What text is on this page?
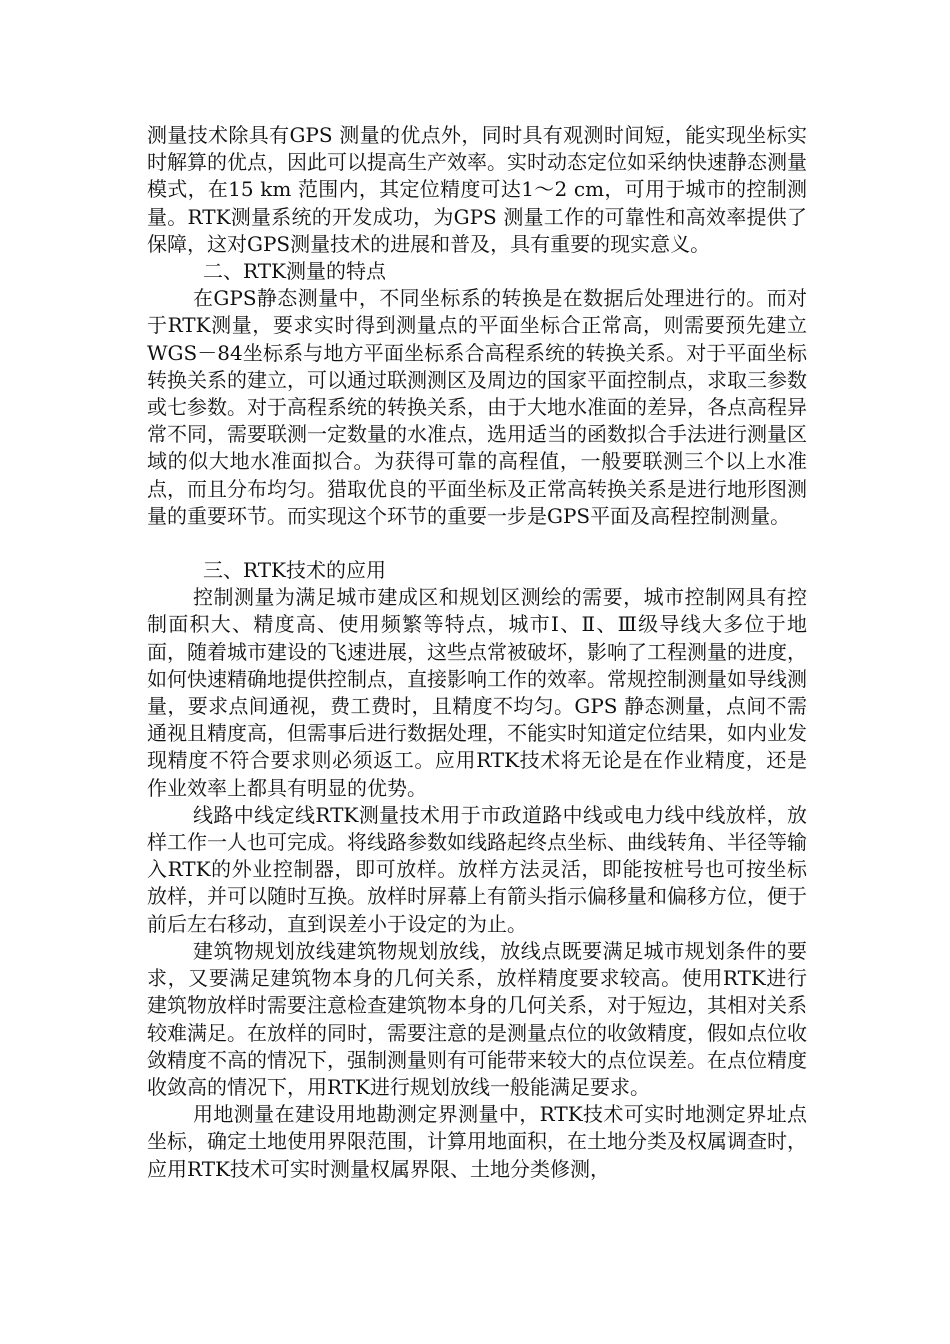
测量技术除具有GPS 测量的优点外，同时具有观测时间短，能实现坐标实时解算的优点，因此可以提高生产效率。实时动态定位如采纳快速静态测量模式，在15 km 范围内，其定位精度可达1～2 cm，可用于城市的控制测量。RTK测量系统的开发成功，为GPS 测量工作的可靠性和高效率提供了保障，这对GPS测量技术的进展和普及，具有重要的现实意义。

二、RTK测量的特点

在GPS静态测量中，不同坐标系的转换是在数据后处理进行的。而对于RTK测量，要求实时得到测量点的平面坐标合正常高，则需要预先建立WGS－84坐标系与地方平面坐标系合高程系统的转换关系。对于平面坐标转换关系的建立，可以通过联测测区及周边的国家平面控制点，求取三参数或七参数。对于高程系统的转换关系，由于大地水准面的差异，各点高程异常不同，需要联测一定数量的水准点，选用适当的函数拟合手法进行测量区域的似大地水准面拟合。为获得可靠的高程值，一般要联测三个以上水准点，而且分布均匀。猎取优良的平面坐标及正常高转换关系是进行地形图测量的重要环节。而实现这个环节的重要一步是GPS平面及高程控制测量。

三、RTK技术的应用

控制测量为满足城市建成区和规划区测绘的需要，城市控制网具有控制面积大、精度高、使用频繁等特点，城市Ⅰ、Ⅱ、Ⅲ级导线大多位于地面，随着城市建设的飞速进展，这些点常被破坏，影响了工程测量的进度，如何快速精确地提供控制点，直接影响工作的效率。常规控制测量如导线测量，要求点间通视，费工费时，且精度不均匀。GPS 静态测量，点间不需通视且精度高，但需事后进行数据处理，不能实时知道定位结果，如内业发现精度不符合要求则必须返工。应用RTK技术将无论是在作业精度，还是作业效率上都具有明显的优势。

线路中线定线RTK测量技术用于市政道路中线或电力线中线放样，放样工作一人也可完成。将线路参数如线路起终点坐标、曲线转角、半径等输入RTK的外业控制器，即可放样。放样方法灵活，即能按桩号也可按坐标放样，并可以随时互换。放样时屏幕上有箭头指示偏移量和偏移方位，便于前后左右移动，直到误差小于设定的为止。

建筑物规划放线建筑物规划放线，放线点既要满足城市规划条件的要求，又要满足建筑物本身的几何关系，放样精度要求较高。使用RTK进行建筑物放样时需要注意检查建筑物本身的几何关系，对于短边，其相对关系较难满足。在放样的同时，需要注意的是测量点位的收敛精度，假如点位收敛精度不高的情况下，强制测量则有可能带来较大的点位误差。在点位精度收敛高的情况下，用RTK进行规划放线一般能满足要求。

用地测量在建设用地勘测定界测量中，RTK技术可实时地测定界址点坐标，确定土地使用界限范围，计算用地面积，在土地分类及权属调查时，应用RTK技术可实时测量权属界限、土地分类修测，
